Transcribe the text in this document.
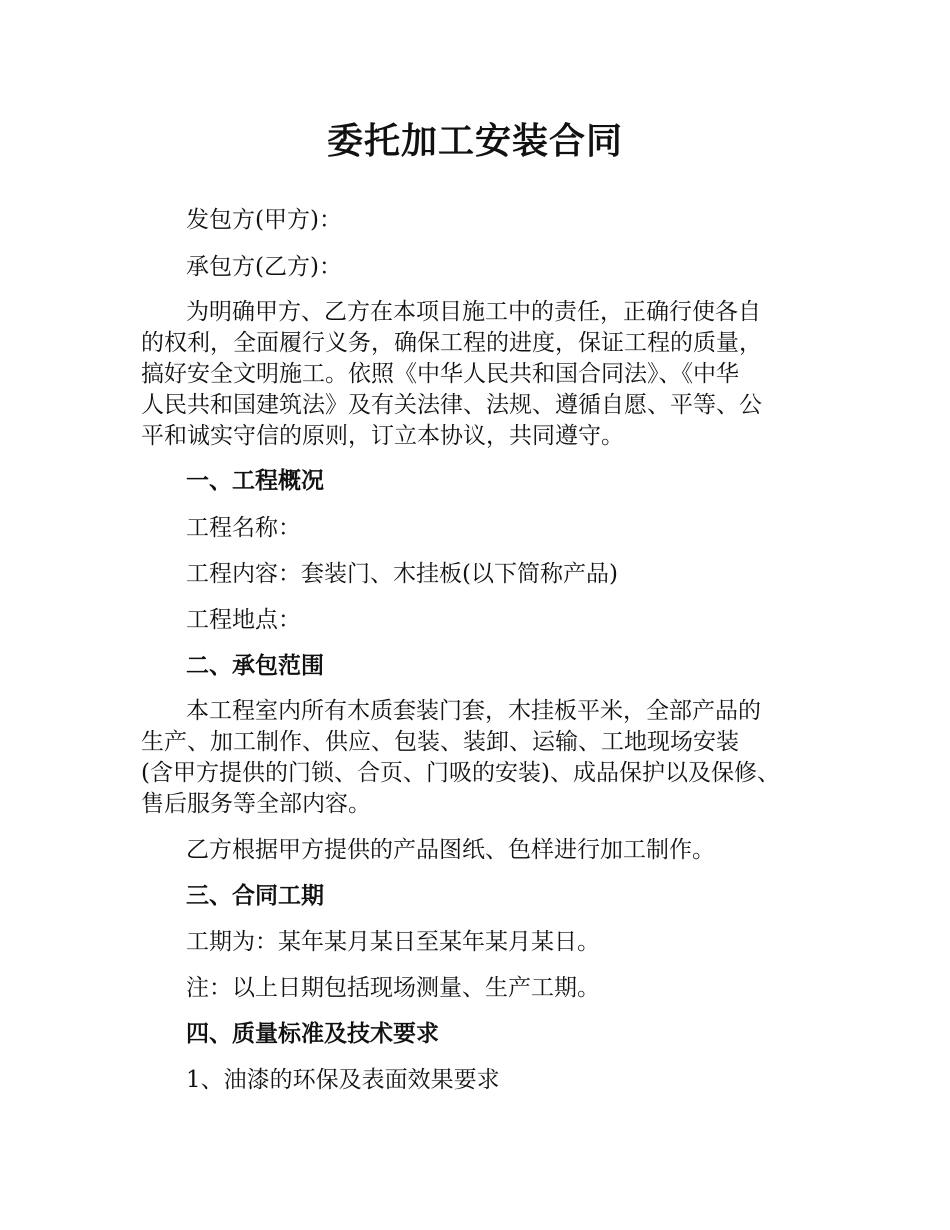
委托加工安装合同

发包方(甲方)：

承包方(乙方)：

为明确甲方、乙方在本项目施工中的责任，正确行使各自
的权利，全面履行义务，确保工程的进度，保证工程的质量，
搞好安全文明施工。依照《中华人民共和国合同法》、《中华
人民共和国建筑法》及有关法律、法规、遵循自愿、平等、公
平和诚实守信的原则，订立本协议，共同遵守。

一、工程概况

工程名称：

工程内容：套装门、木挂板(以下简称产品)

工程地点：

二、承包范围

本工程室内所有木质套装门套，木挂板平米，全部产品的
生产、加工制作、供应、包装、装卸、运输、工地现场安装
(含甲方提供的门锁、合页、门吸的安装)、成品保护以及保修、
售后服务等全部内容。

乙方根据甲方提供的产品图纸、色样进行加工制作。

三、合同工期

工期为：某年某月某日至某年某月某日。

注：以上日期包括现场测量、生产工期。

四、质量标准及技术要求

1、油漆的环保及表面效果要求
